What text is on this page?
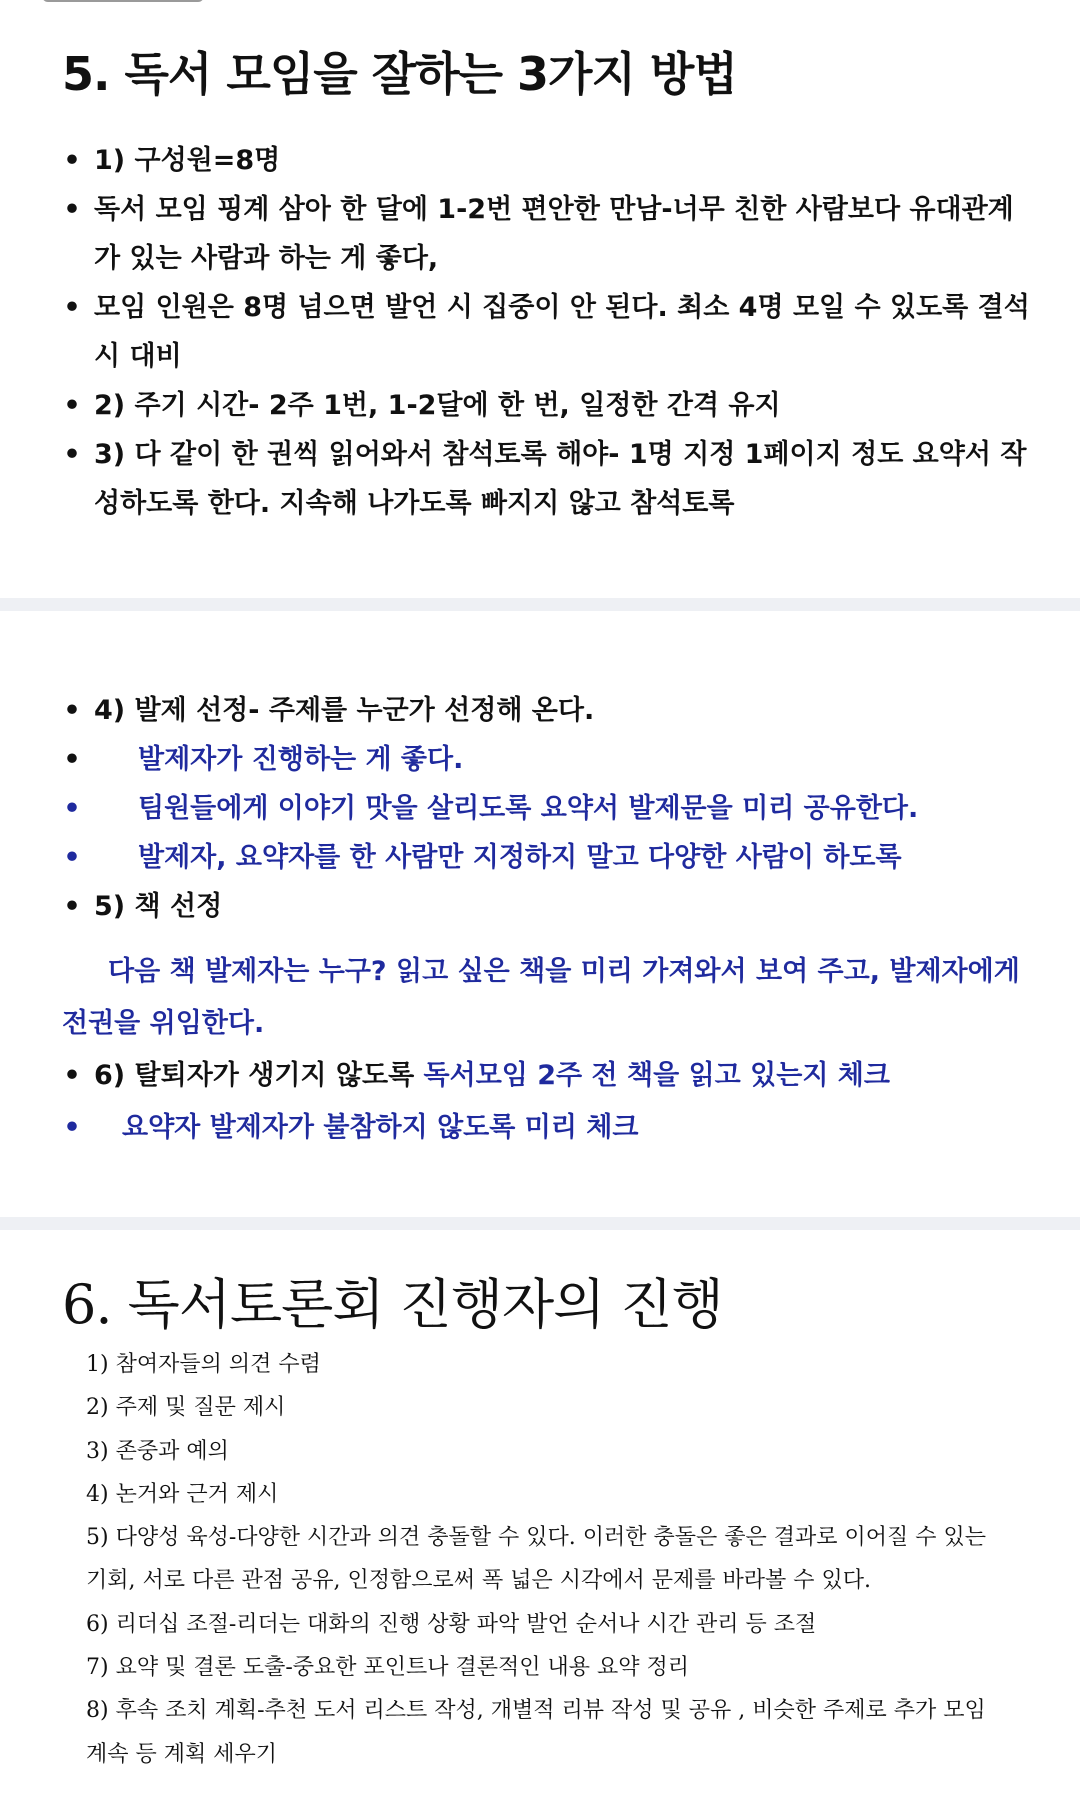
5. 독서 모임을 잘하는 3가지 방법
• 1) 구성원=8명
• 독서 모임 핑계 삼아 한 달에 1-2번 편안한 만남-너무 친한 사람보다 유대관계가 있는 사람과 하는 게 좋다,
• 모임 인원은 8명 넘으면 발언 시 집중이 안 된다. 최소 4명 모일 수 있도록 결석 시 대비
• 2) 주기 시간- 2주 1번, 1-2달에 한 번, 일정한 간격 유지
• 3) 다 같이 한 권씩 읽어와서 참석토록 해야- 1명 지정 1페이지 정도 요약서 작성하도록 한다. 지속해 나가도록 빠지지 않고 참석토록
• 4) 발제 선정- 주제를 누군가 선정해 온다.
• 발제자가 진행하는 게 좋다.
• 팀원들에게 이야기 맛을 살리도록 요약서 발제문을 미리 공유한다.
• 발제자, 요약자를 한 사람만 지정하지 말고 다양한 사람이 하도록
• 5) 책 선정
다음 책 발제자는 누구? 읽고 싶은 책을 미리 가져와서 보여 주고, 발제자에게 전권을 위임한다.
• 6) 탈퇴자가 생기지 않도록 독서모임 2주 전 책을 읽고 있는지 체크
• 요약자 발제자가 불참하지 않도록 미리 체크
6. 독서토론회 진행자의 진행
1) 참여자들의 의견 수렴
2) 주제 및 질문 제시
3) 존중과 예의
4) 논거와 근거 제시
5) 다양성 육성-다양한 시간과 의견 충돌할 수 있다. 이러한 충돌은 좋은 결과로 이어질 수 있는 기회, 서로 다른 관점 공유, 인정함으로써 폭 넓은 시각에서 문제를 바라볼 수 있다.
6) 리더십 조절-리더는 대화의 진행 상황 파악 발언 순서나 시간 관리 등 조절
7) 요약 및 결론 도출-중요한 포인트나 결론적인 내용 요약 정리
8) 후속 조치 계획-추천 도서 리스트 작성, 개별적 리뷰 작성 및 공유 , 비슷한 주제로 추가 모임 계속 등 계획 세우기
